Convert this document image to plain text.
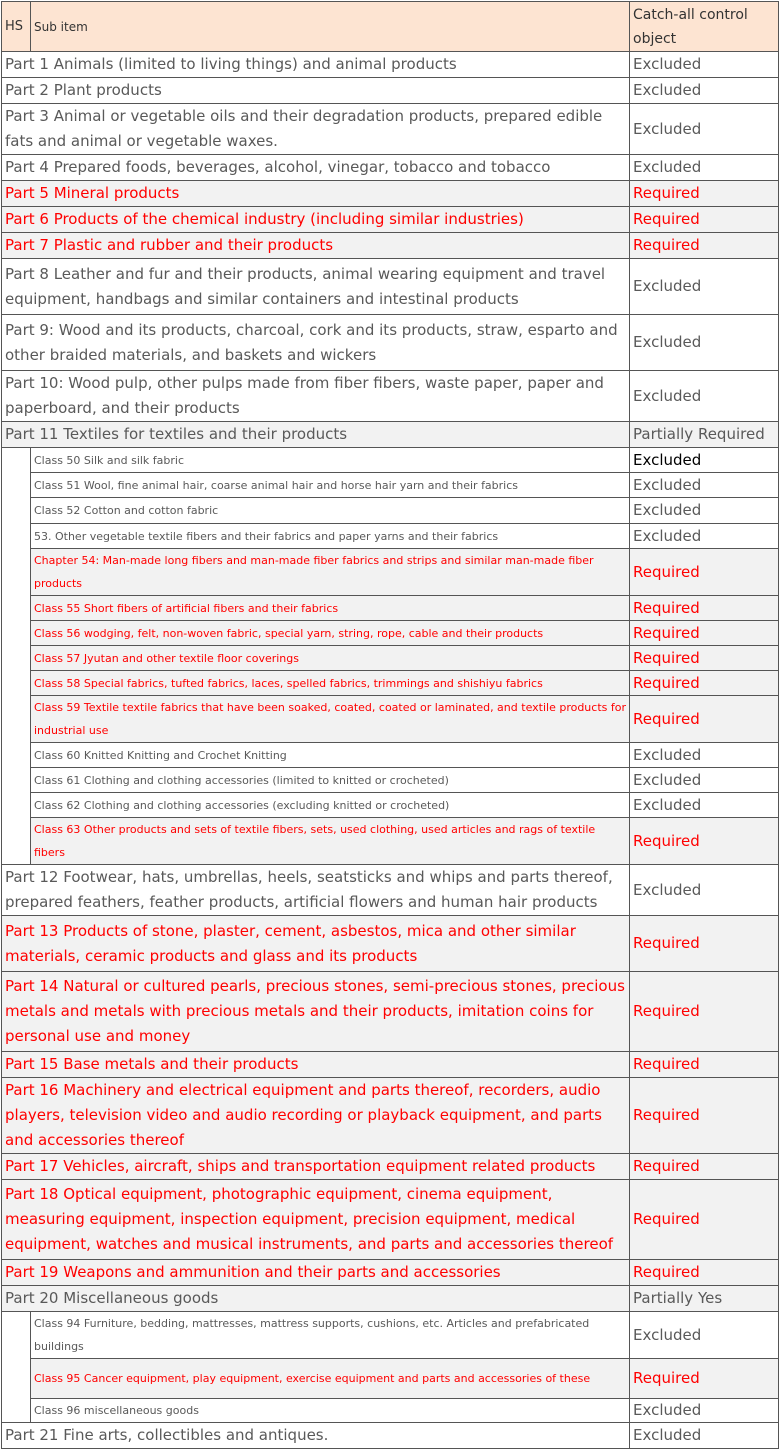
HS	Sub item	Catch-all control object
Part 1 Animals (limited to living things) and animal products		Excluded
Part 2 Plant products		Excluded
Part 3 Animal or vegetable oils and their degradation products, prepared edible fats and animal or vegetable waxes.		Excluded
Part 4 Prepared foods, beverages, alcohol, vinegar, tobacco and tobacco		Excluded
Part 5 Mineral products		Required
Part 6 Products of the chemical industry (including similar industries)		Required
Part 7 Plastic and rubber and their products		Required
Part 8 Leather and fur and their products, animal wearing equipment and travel equipment, handbags and similar containers and intestinal products		Excluded
Part 9: Wood and its products, charcoal, cork and its products, straw, esparto and other braided materials, and baskets and wickers		Excluded
Part 10: Wood pulp, other pulps made from fiber fibers, waste paper, paper and paperboard, and their products		Excluded
Part 11 Textiles for textiles and their products		Partially Required
	Class 50 Silk and silk fabric	Excluded
	Class 51 Wool, fine animal hair, coarse animal hair and horse hair yarn and their fabrics	Excluded
	Class 52 Cotton and cotton fabric	Excluded
	53. Other vegetable textile fibers and their fabrics and paper yarns and their fabrics	Excluded
	Chapter 54: Man-made long fibers and man-made fiber fabrics and strips and similar man-made fiber products	Required
	Class 55 Short fibers of artificial fibers and their fabrics	Required
	Class 56 wodging, felt, non-woven fabric, special yarn, string, rope, cable and their products	Required
	Class 57 Jyutan and other textile floor coverings	Required
	Class 58 Special fabrics, tufted fabrics, laces, spelled fabrics, trimmings and shishiyu fabrics	Required
	Class 59 Textile textile fabrics that have been soaked, coated, coated or laminated, and textile products for industrial use	Required
	Class 60 Knitted Knitting and Crochet Knitting	Excluded
	Class 61 Clothing and clothing accessories (limited to knitted or crocheted)	Excluded
	Class 62 Clothing and clothing accessories (excluding knitted or crocheted)	Excluded
	Class 63 Other products and sets of textile fibers, sets, used clothing, used articles and rags of textile fibers	Required
Part 12 Footwear, hats, umbrellas, heels, seatsticks and whips and parts thereof, prepared feathers, feather products, artificial flowers and human hair products		Excluded
Part 13 Products of stone, plaster, cement, asbestos, mica and other similar materials, ceramic products and glass and its products		Required
Part 14 Natural or cultured pearls, precious stones, semi-precious stones, precious metals and metals with precious metals and their products, imitation coins for personal use and money		Required
Part 15 Base metals and their products		Required
Part 16 Machinery and electrical equipment and parts thereof, recorders, audio players, television video and audio recording or playback equipment, and parts and accessories thereof		Required
Part 17 Vehicles, aircraft, ships and transportation equipment related products		Required
Part 18 Optical equipment, photographic equipment, cinema equipment, measuring equipment, inspection equipment, precision equipment, medical equipment, watches and musical instruments, and parts and accessories thereof		Required
Part 19 Weapons and ammunition and their parts and accessories		Required
Part 20 Miscellaneous goods		Partially Yes
	Class 94 Furniture, bedding, mattresses, mattress supports, cushions, etc. Articles and prefabricated buildings	Excluded
	Class 95 Cancer equipment, play equipment, exercise equipment and parts and accessories of these	Required
	Class 96 miscellaneous goods	Excluded
Part 21 Fine arts, collectibles and antiques.		Excluded
